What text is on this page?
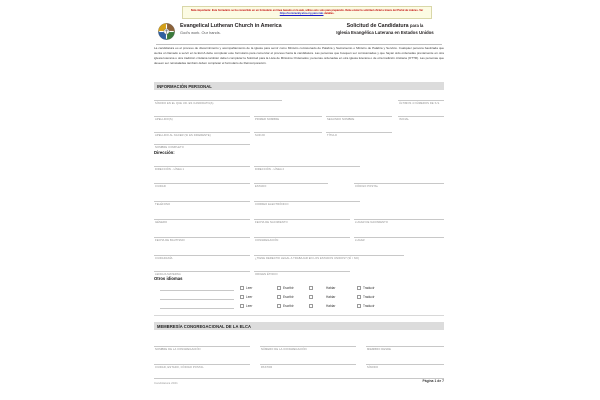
Nota importante: Este formulario se ha convertido en un formulario en línea basado en la web, utilice esto solo para prepararlo. Debe enviar la solicitud oficial a través del Portal de Líderes. Ver https://community.elca.org para más detalles.
Evangelical Lutheran Church in America
God's work. Our hands.
Solicitud de Candidatura para la
Iglesia Evangélica Luterana en Estados Unidos
La candidatura es el proceso de discernimiento y acompañamiento de la iglesia para servir como Ministro comisionado de Palabra y Sacramento o Ministro de Palabra y Servicio. Cualquier persona bautizada que sienta un llamado a servir en la ELCA debe completar este formulario para comenzar el proceso hacia la candidatura. Las personas que busquen ser comisionadas y que hayan sido ordenadas previamente en otra iglesia luterana u otra tradición cristiana también deben completar la Solicitud para la Lista de Ministros Ordenados; personas ordenadas en otra iglesia luterana o de otra tradición cristiana (OTTR). Las personas que deseen ser reinstaladas también deben completar el formulario de Reincorporación.
INFORMACIÓN PERSONAL
SÍNODO EN EL QUE UD. ES CANDIDATO(A)	ÚLTIMOS 4 NÚMEROS DE S.S.
APELLIDO(S)	PRIMER NOMBRE	SEGUNDO NOMBRE	INICIAL
APELLIDO AL NACER (SI ES DIFERENTE)	SUFIJO	TÍTULO
NOMBRE COMPLETO
Dirección:
DIRECCIÓN - LÍNEA 1	DIRECCIÓN - LÍNEA 2
CIUDAD	ESTADO	CÓDIGO POSTAL
TELÉFONO	CORREO ELECTRÓNICO
GÉNERO	FECHA DE NACIMIENTO	LUGAR DE NACIMIENTO
FECHA DE BAUTISMO	CONGREGACIÓN	LUGAR
CIUDADANÍA	¿TIENE DERECHO LEGAL A TRABAJAR EN LOS ESTADOS UNIDOS? (SÍ / NO)
LENGUA MATERNA	ORIGEN ÉTNICO
Otros idiomas
Leer	Escribir	Hablar	Traducir
Leer	Escribir	Hablar	Traducir
Leer	Escribir	Hablar	Traducir
MEMBRESÍA CONGREGACIONAL DE LA ELCA
NOMBRE DE LA CONGREGACIÓN	NÚMERO DE LA CONGREGACIÓN	MIEMBRO DESDE
CIUDAD, ESTADO, CÓDIGO POSTAL	PASTOR	SÍNODO
Candidatura 2021	Página 1 de 7
